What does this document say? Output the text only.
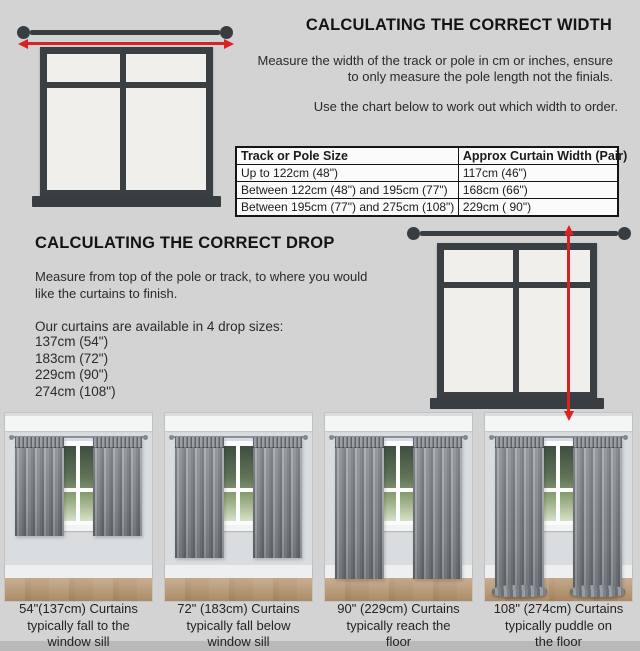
CALCULATING THE CORRECT WIDTH
Measure the width of the track or pole in cm or inches, ensure
to only measure the pole length not the finials.
Use the chart below to work out which width to order.
Track or Pole Size	Approx Curtain Width (Pair)
Up to 122cm (48")	117cm (46")
Between 122cm (48") and 195cm (77")	168cm (66")
Between 195cm (77") and 275cm (108")	229cm ( 90")
CALCULATING THE CORRECT DROP
Measure from top of the pole or track, to where you would
like the curtains to finish.
Our curtains are available in 4 drop sizes:
137cm (54")
183cm (72")
229cm (90")
274cm (108")
54"(137cm) Curtains
typically fall to the
window sill
72" (183cm) Curtains
typically fall below
window sill
90" (229cm) Curtains
typically reach the
floor
108" (274cm) Curtains
typically puddle on
the floor
